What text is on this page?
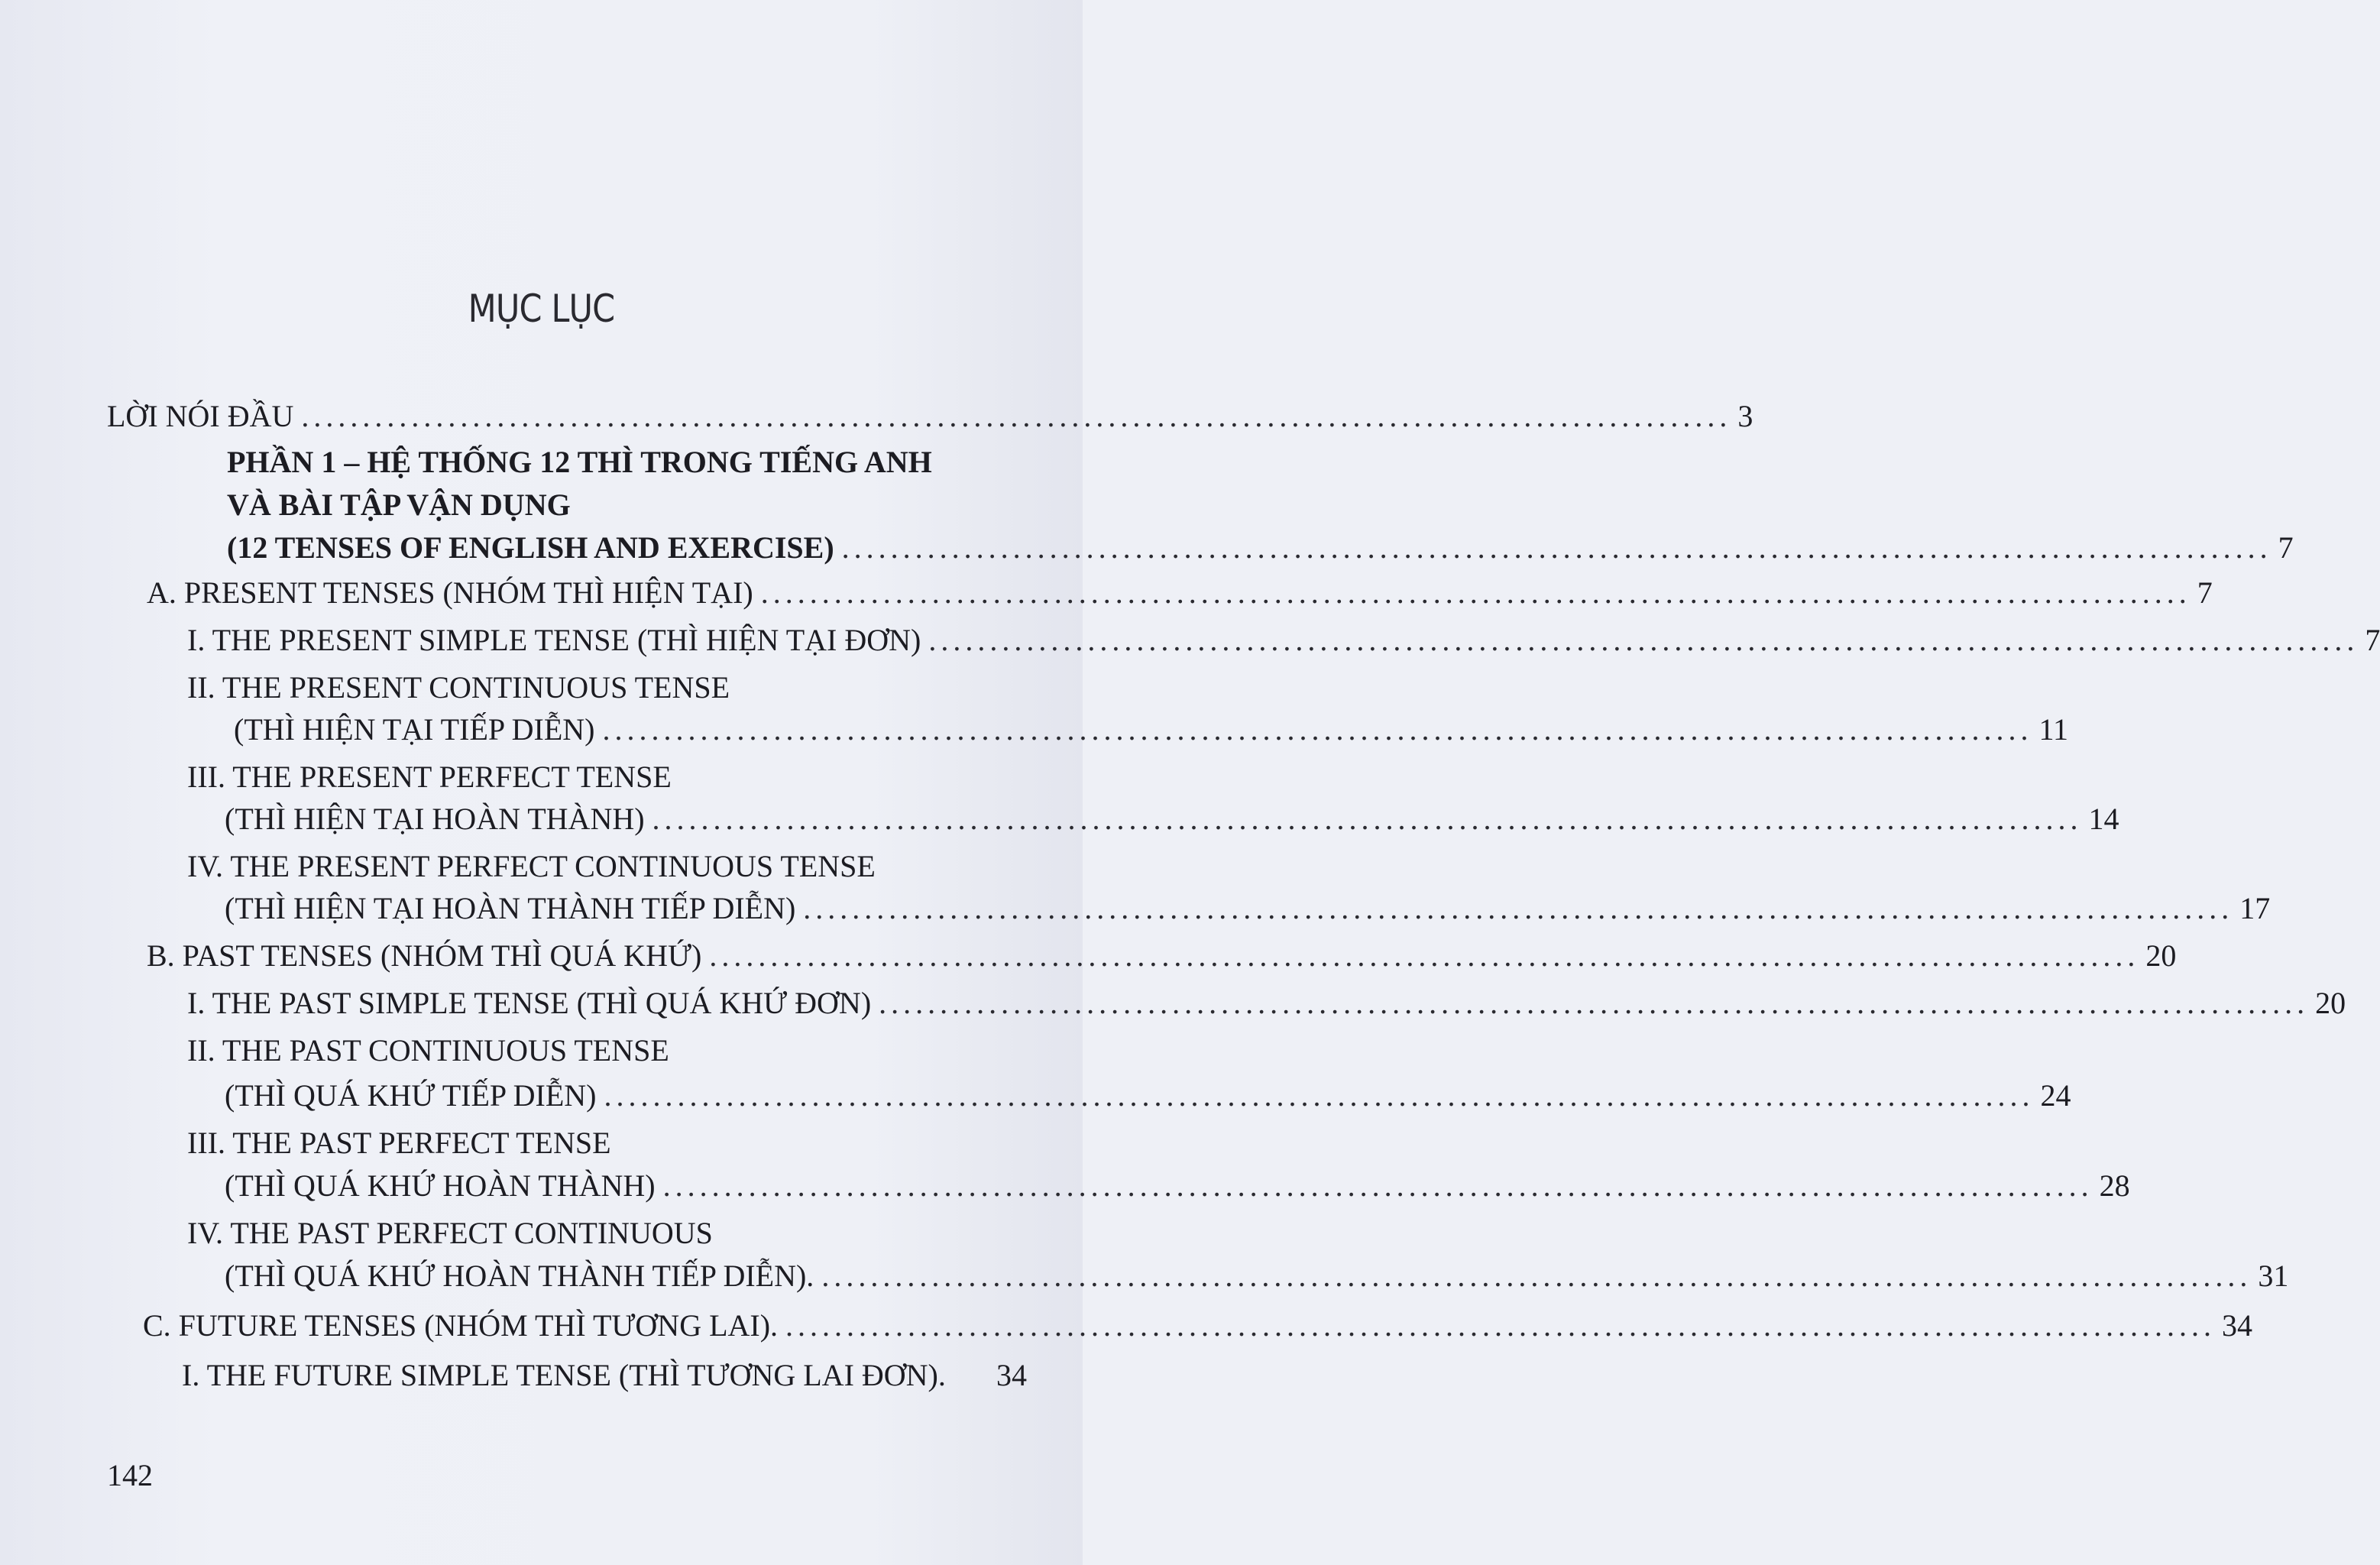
MỤC LỤC
LỜI NÓI ĐẦU ..................................................................................................................... 3
PHẦN 1 – HỆ THỐNG 12 THÌ TRONG TIẾNG ANH
VÀ BÀI TẬP VẬN DỤNG
(12 TENSES OF ENGLISH AND EXERCISE) ..................................................................................................................... 7
A. PRESENT TENSES (NHÓM THÌ HIỆN TẠI) ..................................................................................................................... 7
I. THE PRESENT SIMPLE TENSE (THÌ HIỆN TẠI ĐƠN) ..................................................................................................................... 7
II. THE PRESENT CONTINUOUS TENSE
(THÌ HIỆN TẠI TIẾP DIỄN) ..................................................................................................................... 11
III. THE PRESENT PERFECT TENSE
(THÌ HIỆN TẠI HOÀN THÀNH) ..................................................................................................................... 14
IV. THE PRESENT PERFECT CONTINUOUS TENSE
(THÌ HIỆN TẠI HOÀN THÀNH TIẾP DIỄN) ..................................................................................................................... 17
B. PAST TENSES (NHÓM THÌ QUÁ KHỨ) ..................................................................................................................... 20
I. THE PAST SIMPLE TENSE (THÌ QUÁ KHỨ ĐƠN) ..................................................................................................................... 20
II. THE PAST CONTINUOUS TENSE
(THÌ QUÁ KHỨ TIẾP DIỄN) ..................................................................................................................... 24
III. THE PAST PERFECT TENSE
(THÌ QUÁ KHỨ HOÀN THÀNH) ..................................................................................................................... 28
IV. THE PAST PERFECT CONTINUOUS
(THÌ QUÁ KHỨ HOÀN THÀNH TIẾP DIỄN). ..................................................................................................................... 31
C. FUTURE TENSES (NHÓM THÌ TƯƠNG LAI). ..................................................................................................................... 34
I. THE FUTURE SIMPLE TENSE (THÌ TƯƠNG LAI ĐƠN). 34
142
